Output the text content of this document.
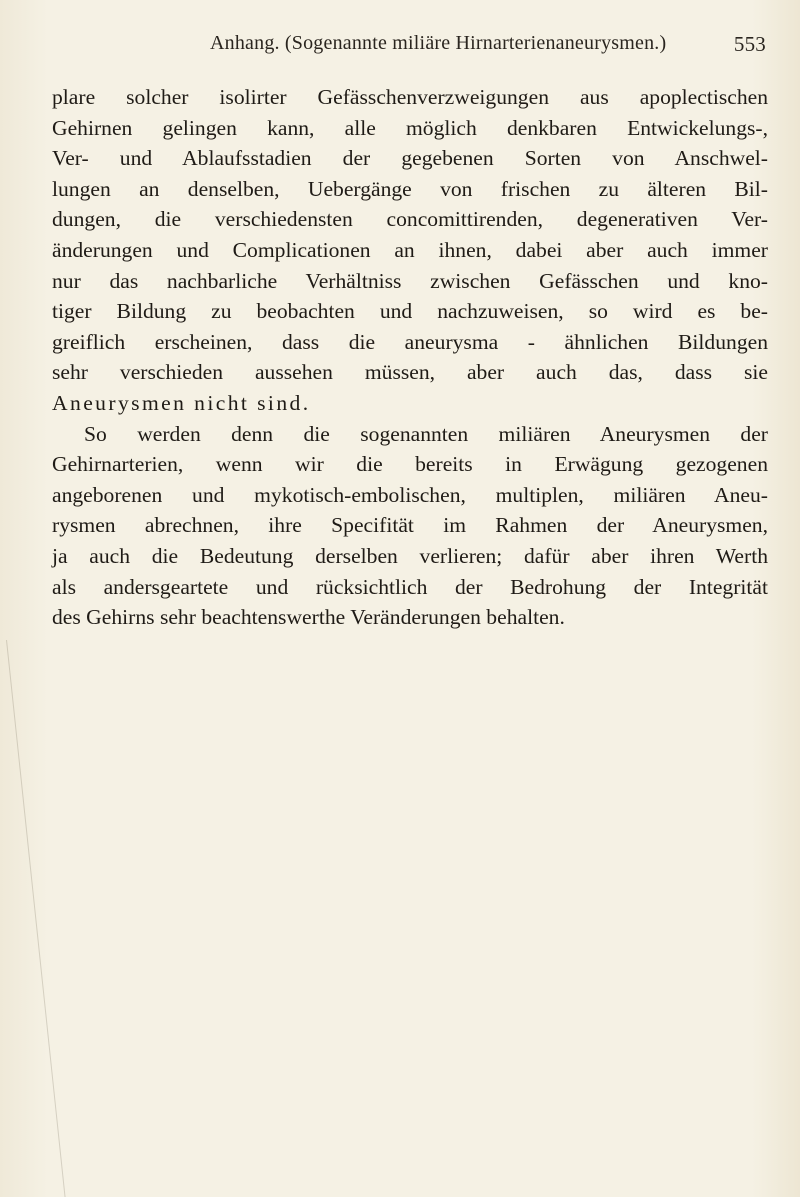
Anhang. (Sogenannte miliäre Hirnarterienaneurysmen.)	553
plare solcher isolirter Gefässchenverzweigungen aus apoplectischen
Gehirnen gelingen kann, alle möglich denkbaren Entwickelungs-,
Ver- und Ablaufsstadien der gegebenen Sorten von Anschwel-
lungen an denselben, Uebergänge von frischen zu älteren Bil-
dungen, die verschiedensten concomittirenden, degenerativen Ver-
änderungen und Complicationen an ihnen, dabei aber auch immer
nur das nachbarliche Verhältniss zwischen Gefässchen und kno-
tiger Bildung zu beobachten und nachzuweisen, so wird es be-
greiflich erscheinen, dass die aneurysma - ähnlichen Bildungen
sehr verschieden aussehen müssen, aber auch das, dass sie
Aneurysmen nicht sind.
So werden denn die sogenannten miliären Aneurysmen der
Gehirnarterien, wenn wir die bereits in Erwägung gezogenen
angeborenen und mykotisch-embolischen, multiplen, miliären Aneu-
rysmen abrechnen, ihre Specifität im Rahmen der Aneurysmen,
ja auch die Bedeutung derselben verlieren; dafür aber ihren Werth
als andersgeartete und rücksichtlich der Bedrohung der Integrität
des Gehirns sehr beachtenswerthe Veränderungen behalten.
